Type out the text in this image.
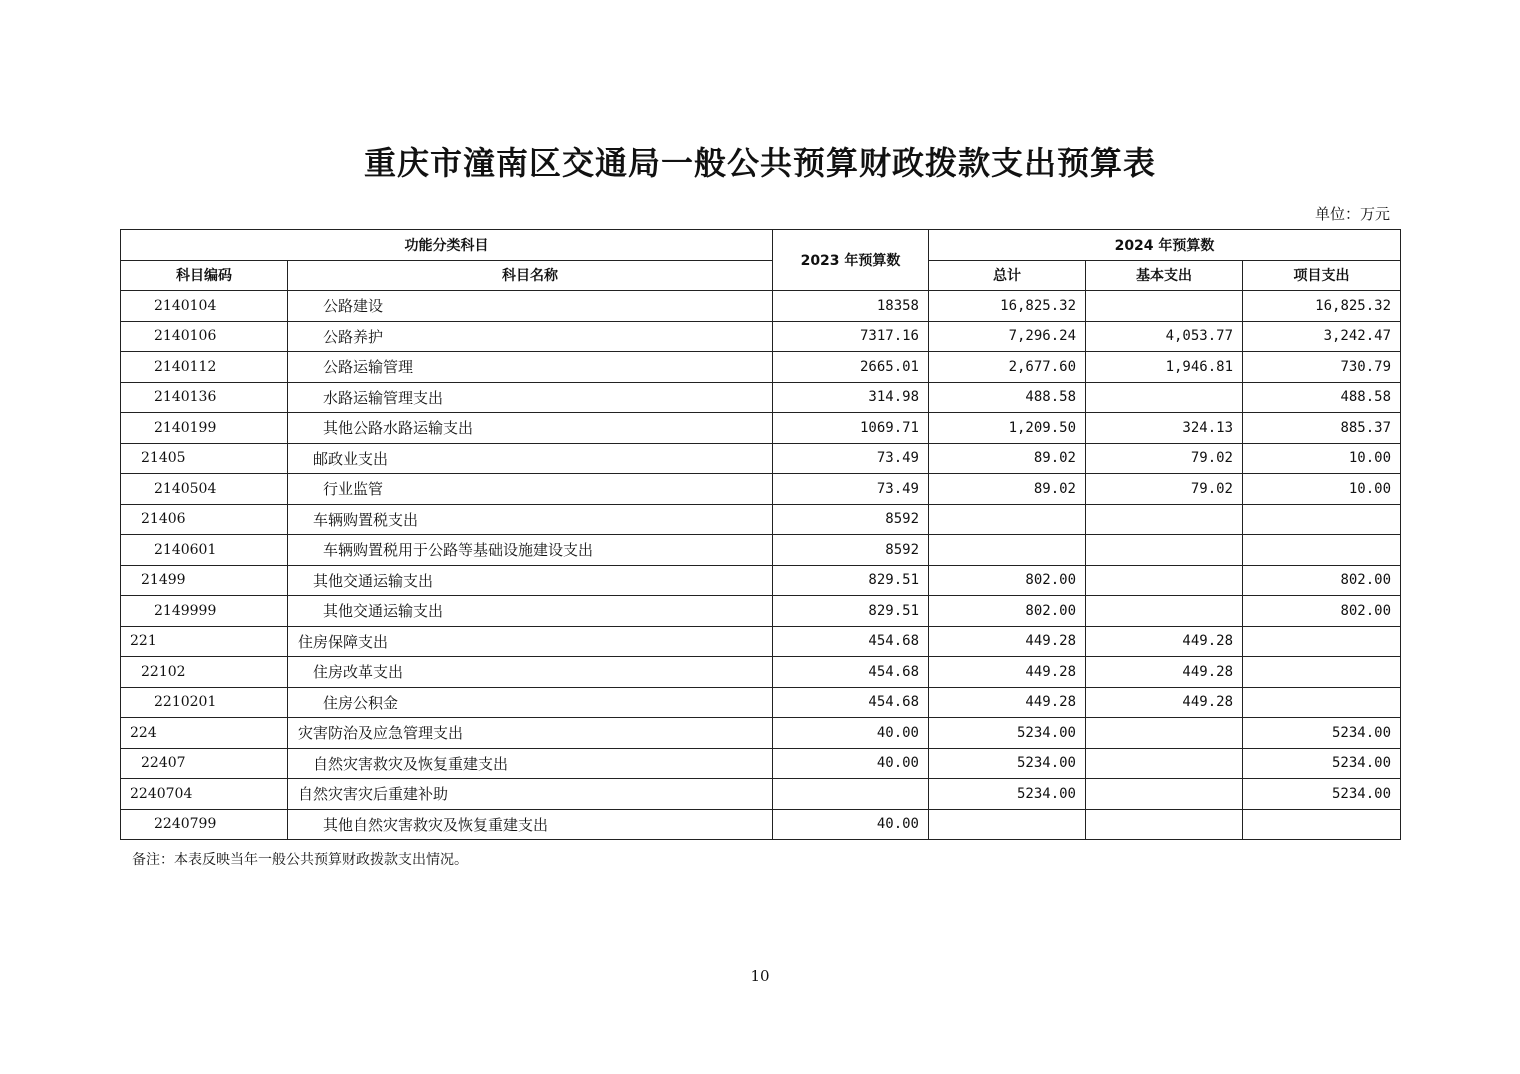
重庆市潼南区交通局一般公共预算财政拨款支出预算表
单位：万元
功能分类科目		2023 年预算数	2024 年预算数		
科目编码	科目名称		总计	基本支出	项目支出
2140104	公路建设	18358	16,825.32		16,825.32
2140106	公路养护	7317.16	7,296.24	4,053.77	3,242.47
2140112	公路运输管理	2665.01	2,677.60	1,946.81	730.79
2140136	水路运输管理支出	314.98	488.58		488.58
2140199	其他公路水路运输支出	1069.71	1,209.50	324.13	885.37
21405	邮政业支出	73.49	89.02	79.02	10.00
2140504	行业监管	73.49	89.02	79.02	10.00
21406	车辆购置税支出	8592			
2140601	车辆购置税用于公路等基础设施建设支出	8592			
21499	其他交通运输支出	829.51	802.00		802.00
2149999	其他交通运输支出	829.51	802.00		802.00
221	住房保障支出	454.68	449.28	449.28	
22102	住房改革支出	454.68	449.28	449.28	
2210201	住房公积金	454.68	449.28	449.28	
224	灾害防治及应急管理支出	40.00	5234.00		5234.00
22407	自然灾害救灾及恢复重建支出	40.00	5234.00		5234.00
2240704	自然灾害灾后重建补助		5234.00		5234.00
2240799	其他自然灾害救灾及恢复重建支出	40.00			
备注：本表反映当年一般公共预算财政拨款支出情况。
10
